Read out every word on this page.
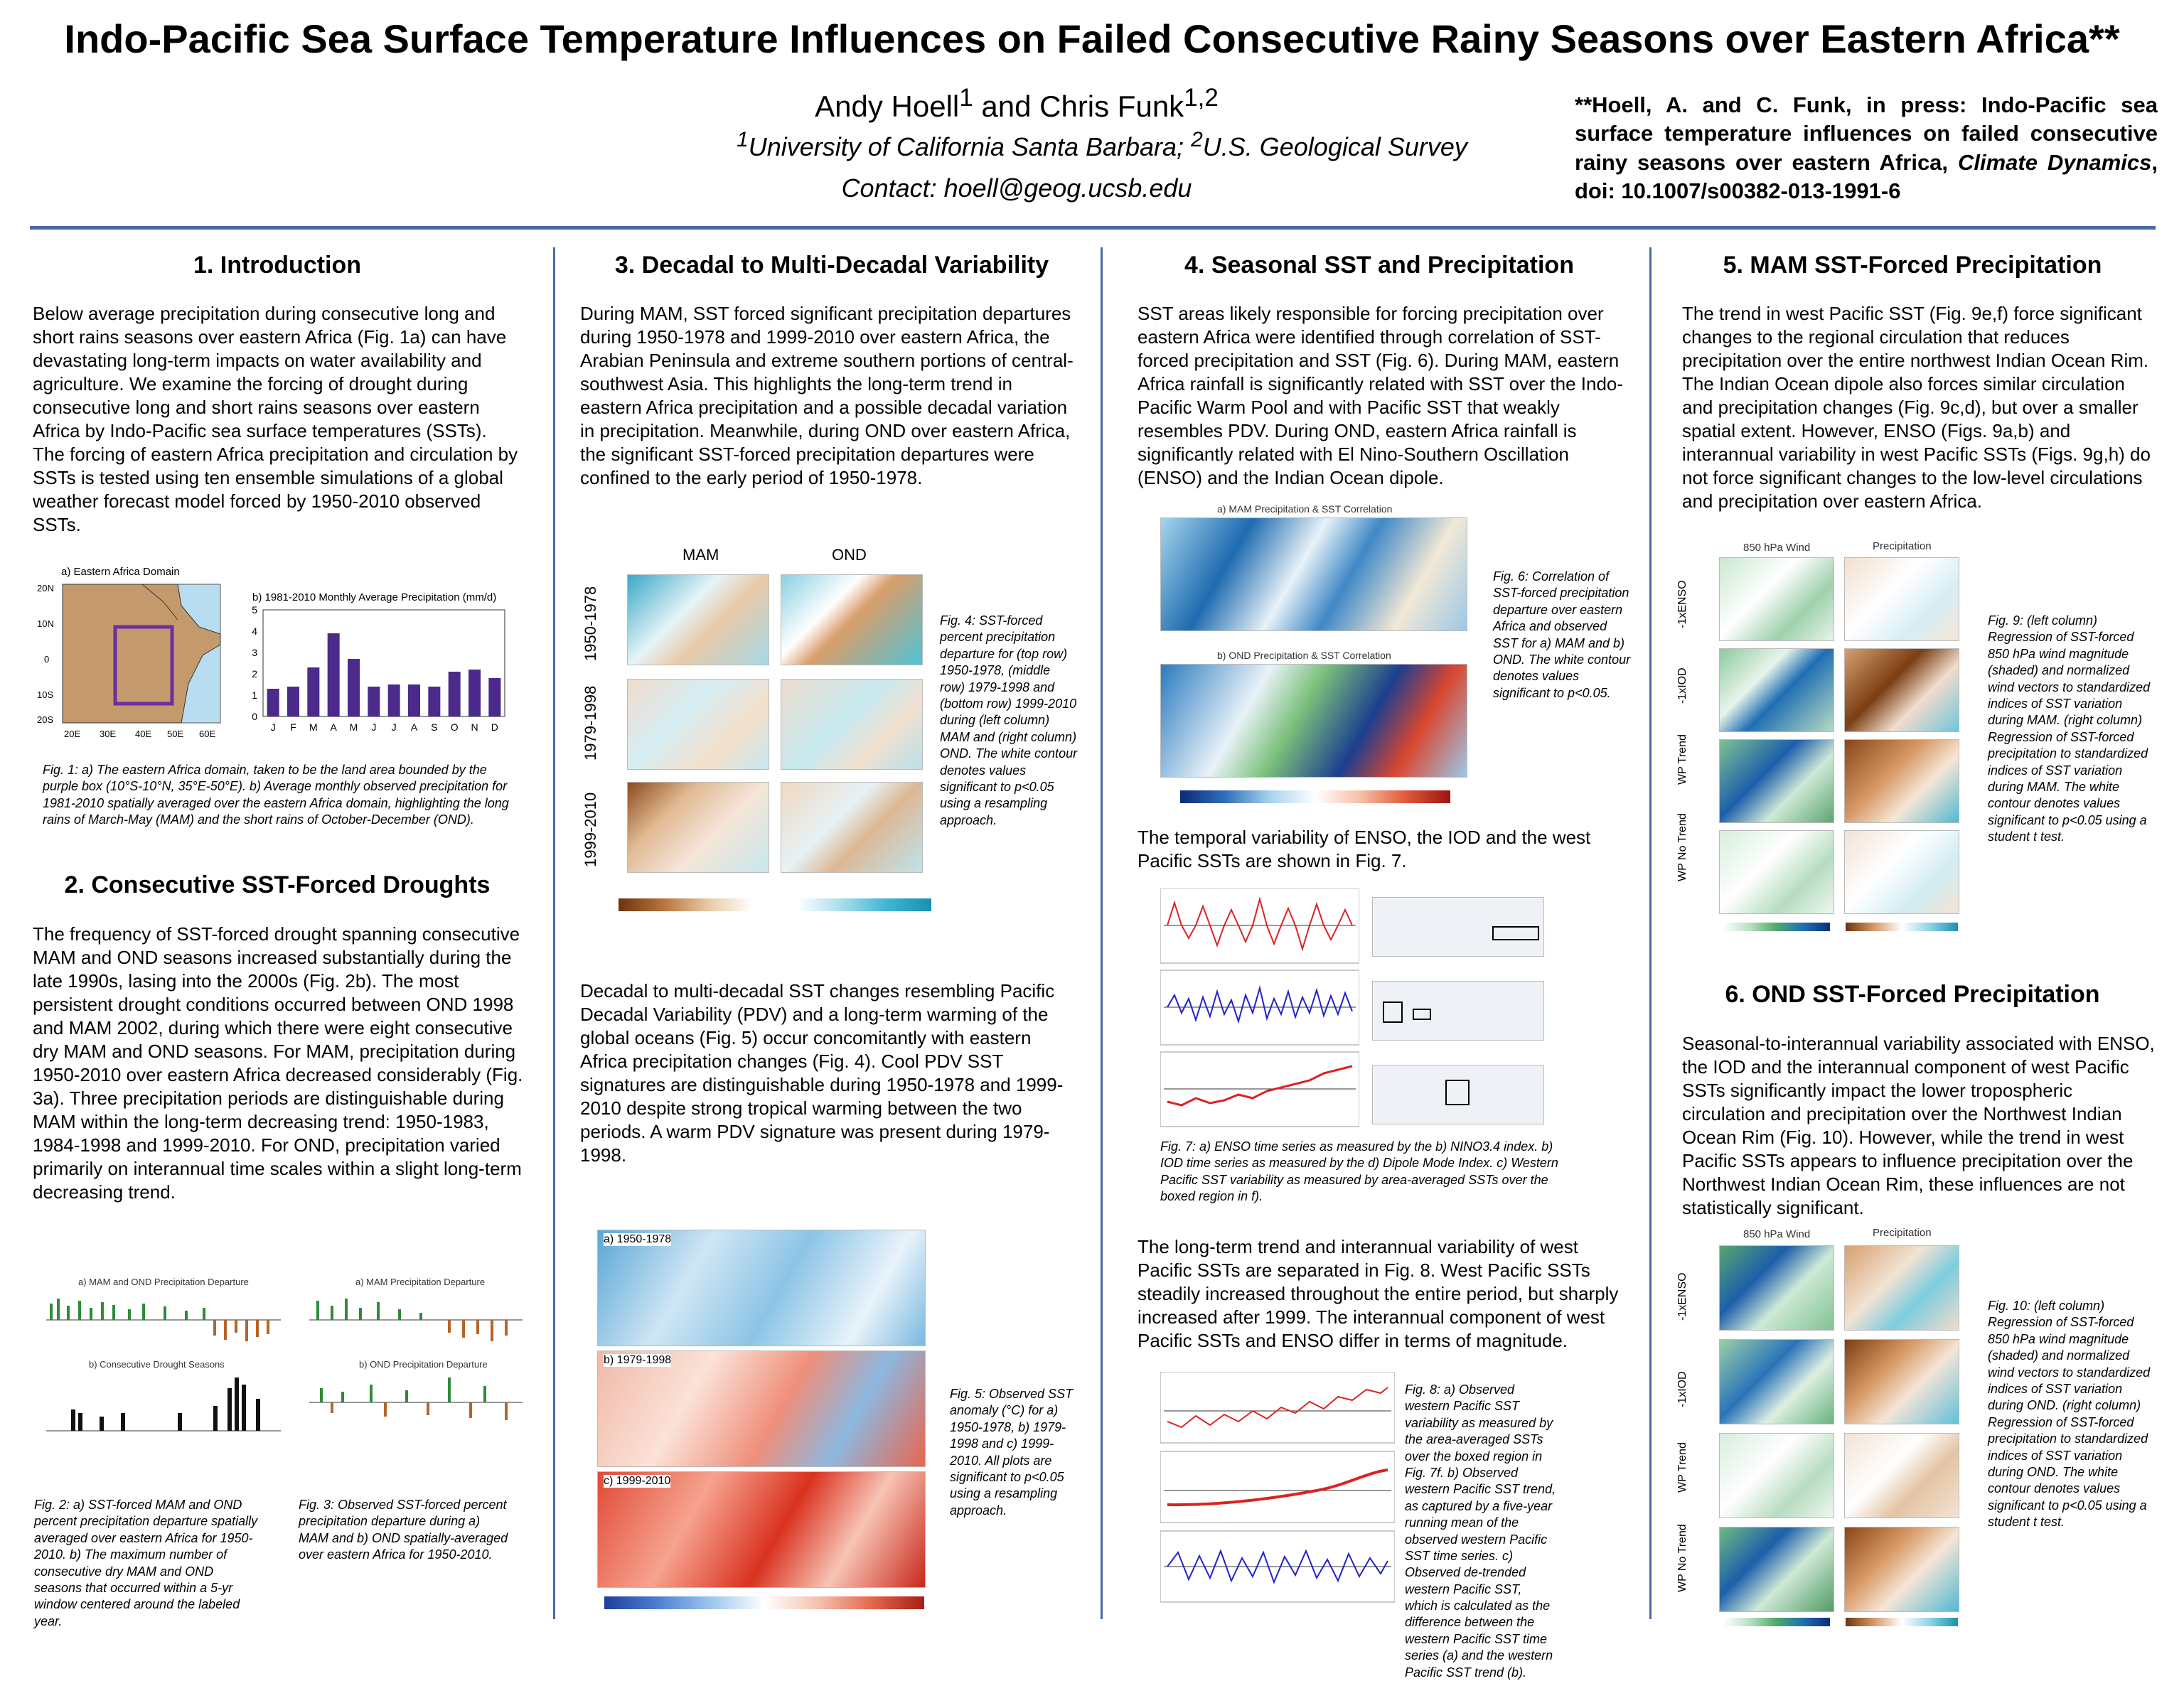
Indo-Pacific Sea Surface Temperature Influences on Failed Consecutive Rainy Seasons over Eastern Africa**
Andy Hoell$^1$ and Chris Funk$^{1,2}$
$^1$University of California Santa Barbara; $^2$U.S. Geological Survey
Contact: hoell@geog.ucsb.edu
**Hoell, A. and C. Funk, in press: Indo-Pacific sea surface temperature influences on failed consecutive rainy seasons over eastern Africa, Climate Dynamics, doi: 10.1007/s00382-013-1991-6
1. Introduction
Below average precipitation during consecutive long and short rains seasons over eastern Africa (Fig. 1a) can have devastating long-term impacts on water availability and agriculture. We examine the forcing of drought during consecutive long and short rains seasons over eastern Africa by Indo-Pacific sea surface temperatures (SSTs). The forcing of eastern Africa precipitation and circulation by SSTs is tested using ten ensemble simulations of a global weather forecast model forced by 1950-2010 observed SSTs.
a) Eastern Africa Domain
20N
10N
0
10S
20S
20E 30E 40E 50E 60E
b) 1981-2010 Monthly Average Precipitation (mm/d)
0
1
2
3
4
5
J F M A M J J A S O N D
Fig. 1: a) The eastern Africa domain, taken to be the land area bounded by the purple box (10°S-10°N, 35°E-50°E). b) Average monthly observed precipitation for 1981-2010 spatially averaged over the eastern Africa domain, highlighting the long rains of March-May (MAM) and the short rains of October-December (OND).
2. Consecutive SST-Forced Droughts
The frequency of SST-forced drought spanning consecutive MAM and OND seasons increased substantially during the late 1990s, lasing into the 2000s (Fig. 2b). The most persistent drought conditions occurred between OND 1998 and MAM 2002, during which there were eight consecutive dry MAM and OND seasons. For MAM, precipitation during 1950-2010 over eastern Africa decreased considerably (Fig. 3a). Three precipitation periods are distinguishable during MAM within the long-term decreasing trend: 1950-1983, 1984-1998 and 1999-2010. For OND, precipitation varied primarily on interannual time scales within a slight long-term decreasing trend.
a) MAM and OND Precipitation Departure
b) Consecutive Drought Seasons
a) MAM Precipitation Departure
b) OND Precipitation Departure
Fig. 2: a) SST-forced MAM and OND percent precipitation departure spatially averaged over eastern Africa for 1950-2010. b) The maximum number of consecutive dry MAM and OND seasons that occurred within a 5-yr window centered around the labeled year.
Fig. 3: Observed SST-forced percent precipitation departure during a) MAM and b) OND spatially-averaged over eastern Africa for 1950-2010.
3. Decadal to Multi-Decadal Variability
During MAM, SST forced significant precipitation departures during 1950-1978 and 1999-2010 over eastern Africa, the Arabian Peninsula and extreme southern portions of central-southwest Asia. This highlights the long-term trend in eastern Africa precipitation and a possible decadal variation in precipitation. Meanwhile, during OND over eastern Africa, the significant SST-forced precipitation departures were confined to the early period of 1950-1978.
MAM	OND
1950-1978
1979-1998
1999-2010
Fig. 4: SST-forced percent precipitation departure for (top row) 1950-1978, (middle row) 1979-1998 and (bottom row) 1999-2010 during (left column) MAM and (right column) OND. The white contour denotes values significant to p<0.05 using a resampling approach.
Decadal to multi-decadal SST changes resembling Pacific Decadal Variability (PDV) and a long-term warming of the global oceans (Fig. 5) occur concomitantly with eastern Africa precipitation changes (Fig. 4). Cool PDV SST signatures are distinguishable during 1950-1978 and 1999-2010 despite strong tropical warming between the two periods. A warm PDV signature was present during 1979-1998.
a) 1950-1978
b) 1979-1998
c) 1999-2010
Fig. 5: Observed SST anomaly (°C) for a) 1950-1978, b) 1979-1998 and c) 1999-2010. All plots are significant to p<0.05 using a resampling approach.
4. Seasonal SST and Precipitation
SST areas likely responsible for forcing precipitation over eastern Africa were identified through correlation of SST-forced precipitation and SST (Fig. 6). During MAM, eastern Africa rainfall is significantly related with SST over the Indo-Pacific Warm Pool and with Pacific SST that weakly resembles PDV. During OND, eastern Africa rainfall is significantly related with El Nino-Southern Oscillation (ENSO) and the Indian Ocean dipole.
a) MAM Precipitation & SST Correlation
b) OND Precipitation & SST Correlation
Fig. 6: Correlation of SST-forced precipitation departure over eastern Africa and observed SST for a) MAM and b) OND. The white contour denotes values significant to p<0.05.
The temporal variability of ENSO, the IOD and the west Pacific SSTs are shown in Fig. 7.
Fig. 7: a) ENSO time series as measured by the b) NINO3.4 index. b) IOD time series as measured by the d) Dipole Mode Index. c) Western Pacific SST variability as measured by area-averaged SSTs over the boxed region in f).
The long-term trend and interannual variability of west Pacific SSTs are separated in Fig. 8. West Pacific SSTs steadily increased throughout the entire period, but sharply increased after 1999. The interannual component of west Pacific SSTs and ENSO differ in terms of magnitude.
Fig. 8: a) Observed western Pacific SST variability as measured by the area-averaged SSTs over the boxed region in Fig. 7f. b) Observed western Pacific SST trend, as captured by a five-year running mean of the observed western Pacific SST time series. c) Observed de-trended western Pacific SST, which is calculated as the difference between the western Pacific SST time series (a) and the western Pacific SST trend (b).
5. MAM SST-Forced Precipitation
The trend in west Pacific SST (Fig. 9e,f) force significant changes to the regional circulation that reduces precipitation over the entire northwest Indian Ocean Rim. The Indian Ocean dipole also forces similar circulation and precipitation changes (Fig. 9c,d), but over a smaller spatial extent. However, ENSO (Figs. 9a,b) and interannual variability in west Pacific SSTs (Figs. 9g,h) do not force significant changes to the low-level circulations and precipitation over eastern Africa.
850 hPa Wind	Precipitation
-1xENSO
-1xIOD
WP Trend
WP No Trend
Fig. 9: (left column) Regression of SST-forced 850 hPa wind magnitude (shaded) and normalized wind vectors to standardized indices of SST variation during MAM. (right column) Regression of SST-forced precipitation to standardized indices of SST variation during MAM. The white contour denotes values significant to p<0.05 using a student t test.
6. OND SST-Forced Precipitation
Seasonal-to-interannual variability associated with ENSO, the IOD and the interannual component of west Pacific SSTs significantly impact the lower tropospheric circulation and precipitation over the Northwest Indian Ocean Rim (Fig. 10). However, while the trend in west Pacific SSTs appears to influence precipitation over the Northwest Indian Ocean Rim, these influences are not statistically significant.
850 hPa Wind	Precipitation
-1xENSO
-1xIOD
WP Trend
WP No Trend
Fig. 10: (left column) Regression of SST-forced 850 hPa wind magnitude (shaded) and normalized wind vectors to standardized indices of SST variation during OND. (right column) Regression of SST-forced precipitation to standardized indices of SST variation during OND. The white contour denotes values significant to p<0.05 using a student t test.
